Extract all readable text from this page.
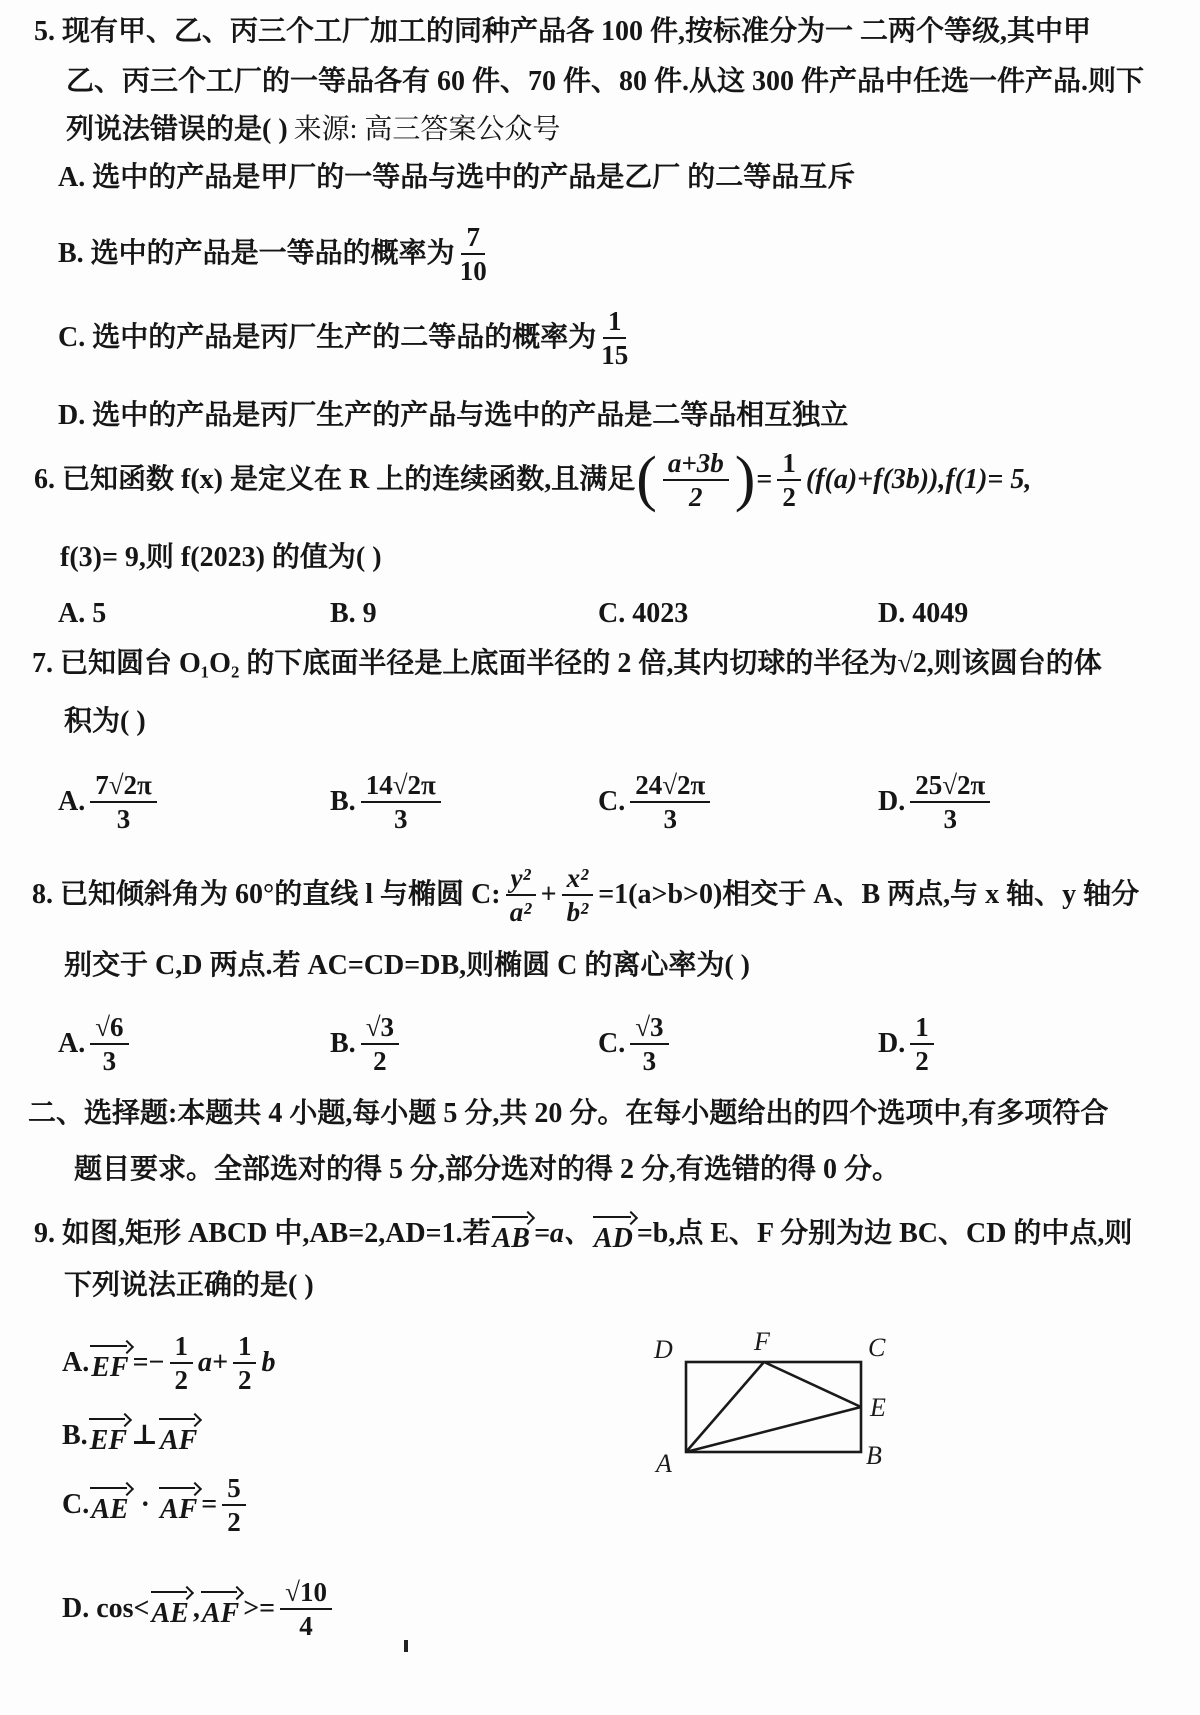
5. 现有甲、乙、丙三个工厂加工的同种产品各 100 件,按标准分为一 二两个等级,其中甲
乙、丙三个工厂的一等品各有 60 件、70 件、80 件.从这 300 件产品中任选一件产品.则下
列说法错误的是( ) 来源: 高三答案公众号
A. 选中的产品是甲厂的一等品与选中的产品是乙厂 的二等品互斥
B. 选中的产品是一等品的概率为 $\frac{7}{10}$
C. 选中的产品是丙厂生产的二等品的概率为 $\frac{1}{15}$
D. 选中的产品是丙厂生产的产品与选中的产品是二等品相互独立
6. 已知函数 f(x) 是定义在 R 上的连续函数,且满足 ( $\frac{a+3b}{2}$ ) = $\frac{1}{2} (f(a)+f(3b)),f(1)= 5$,
f(3)= 9,则 f(2023) 的值为( )
A. 5	B. 9	C. 4023	D. 4049
7. 已知圆台 O₁O₂ 的下底面半径是上底面半径的 2 倍,其内切球的半径为√2,则该圆台的体
积为( )
A. $\frac{7√2\pi}{3}$	B. $\frac{14√2\pi}{3}$	C. $\frac{24√2\pi}{3}$	D. $\frac{25√2\pi}{3}$
8. 已知倾斜角为 60°的直线 l 与椭圆 C: $\frac{\text{y²}}{\text{a²}} + \frac{\text{x²}}{\text{b²}} =1(a>b>0)$相交于 A、B 两点,与 x 轴、y 轴分
别交于 C,D 两点.若 AC=CD=DB,则椭圆 C 的离心率为( )
A. $\frac{√6}{3}$	B. $\frac{√3}{2}$	C. $\frac{√3}{3}$	D. $\frac{1}{2}$
二、选择题:本题共 4 小题,每小题 5 分,共 20 分。在每小题给出的四个选项中,有多项符合
题目要求。全部选对的得 5 分,部分选对的得 2 分,有选错的得 0 分。
9. 如图,矩形 ABCD 中,AB=2,AD=1.若 AB =a、 AD =b,点 E、F 分别为边 BC、CD 的中点,则
下列说法正确的是( )
A. EF =− $\frac{1}{2} a+ \frac{1}{2}$ b
B. EF ⊥ AF
C. AE · AF = $\frac{5}{2}$
D. cos< AE , AF >= $\frac{√10}{4}$
D	F	C
E
B
A
